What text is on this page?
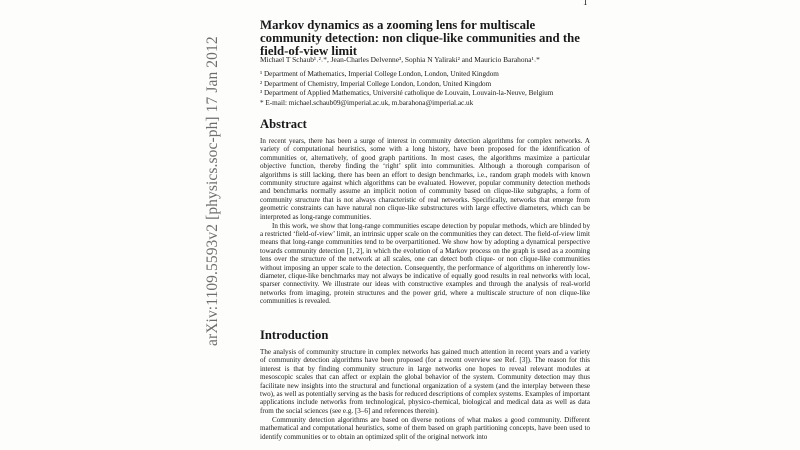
1
arXiv:1109.5593v2 [physics.soc-ph] 17 Jan 2012
Markov dynamics as a zooming lens for multiscale community detection: non clique-like communities and the field-of-view limit
Michael T Schaub¹˒²˒*, Jean-Charles Delvenne³, Sophia N Yaliraki² and Mauricio Barahona¹˒*
¹ Department of Mathematics, Imperial College London, London, United Kingdom
² Department of Chemistry, Imperial College London, London, United Kingdom
³ Department of Applied Mathematics, Université catholique de Louvain, Louvain-la-Neuve, Belgium
* E-mail: michael.schaub09@imperial.ac.uk, m.barahona@imperial.ac.uk
Abstract

In recent years, there has been a surge of interest in community detection algorithms for complex networks. A variety of computational heuristics, some with a long history, have been proposed for the identification of communities or, alternatively, of good graph partitions. In most cases, the algorithms maximize a particular objective function, thereby finding the ‘right’ split into communities. Although a thorough comparison of algorithms is still lacking, there has been an effort to design benchmarks, i.e., random graph models with known community structure against which algorithms can be evaluated. However, popular community detection methods and benchmarks normally assume an implicit notion of community based on clique-like subgraphs, a form of community structure that is not always characteristic of real networks. Specifically, networks that emerge from geometric constraints can have natural non clique-like substructures with large effective diameters, which can be interpreted as long-range communities.

In this work, we show that long-range communities escape detection by popular methods, which are blinded by a restricted ‘field-of-view’ limit, an intrinsic upper scale on the communities they can detect. The field-of-view limit means that long-range communities tend to be overpartitioned. We show how by adopting a dynamical perspective towards community detection [1, 2], in which the evolution of a Markov process on the graph is used as a zooming lens over the structure of the network at all scales, one can detect both clique- or non clique-like communities without imposing an upper scale to the detection. Consequently, the performance of algorithms on inherently low-diameter, clique-like benchmarks may not always be indicative of equally good results in real networks with local, sparser connectivity. We illustrate our ideas with constructive examples and through the analysis of real-world networks from imaging, protein structures and the power grid, where a multiscale structure of non clique-like communities is revealed.

Introduction

The analysis of community structure in complex networks has gained much attention in recent years and a variety of community detection algorithms have been proposed (for a recent overview see Ref. [3]). The reason for this interest is that by finding community structure in large networks one hopes to reveal relevant modules at mesoscopic scales that can affect or explain the global behavior of the system. Community detection may thus facilitate new insights into the structural and functional organization of a system (and the interplay between these two), as well as potentially serving as the basis for reduced descriptions of complex systems. Examples of important applications include networks from technological, physico-chemical, biological and medical data as well as data from the social sciences (see e.g. [3–6] and references therein).

Community detection algorithms are based on diverse notions of what makes a good community. Different mathematical and computational heuristics, some of them based on graph partitioning concepts, have been used to identify communities or to obtain an optimized split of the original network into
